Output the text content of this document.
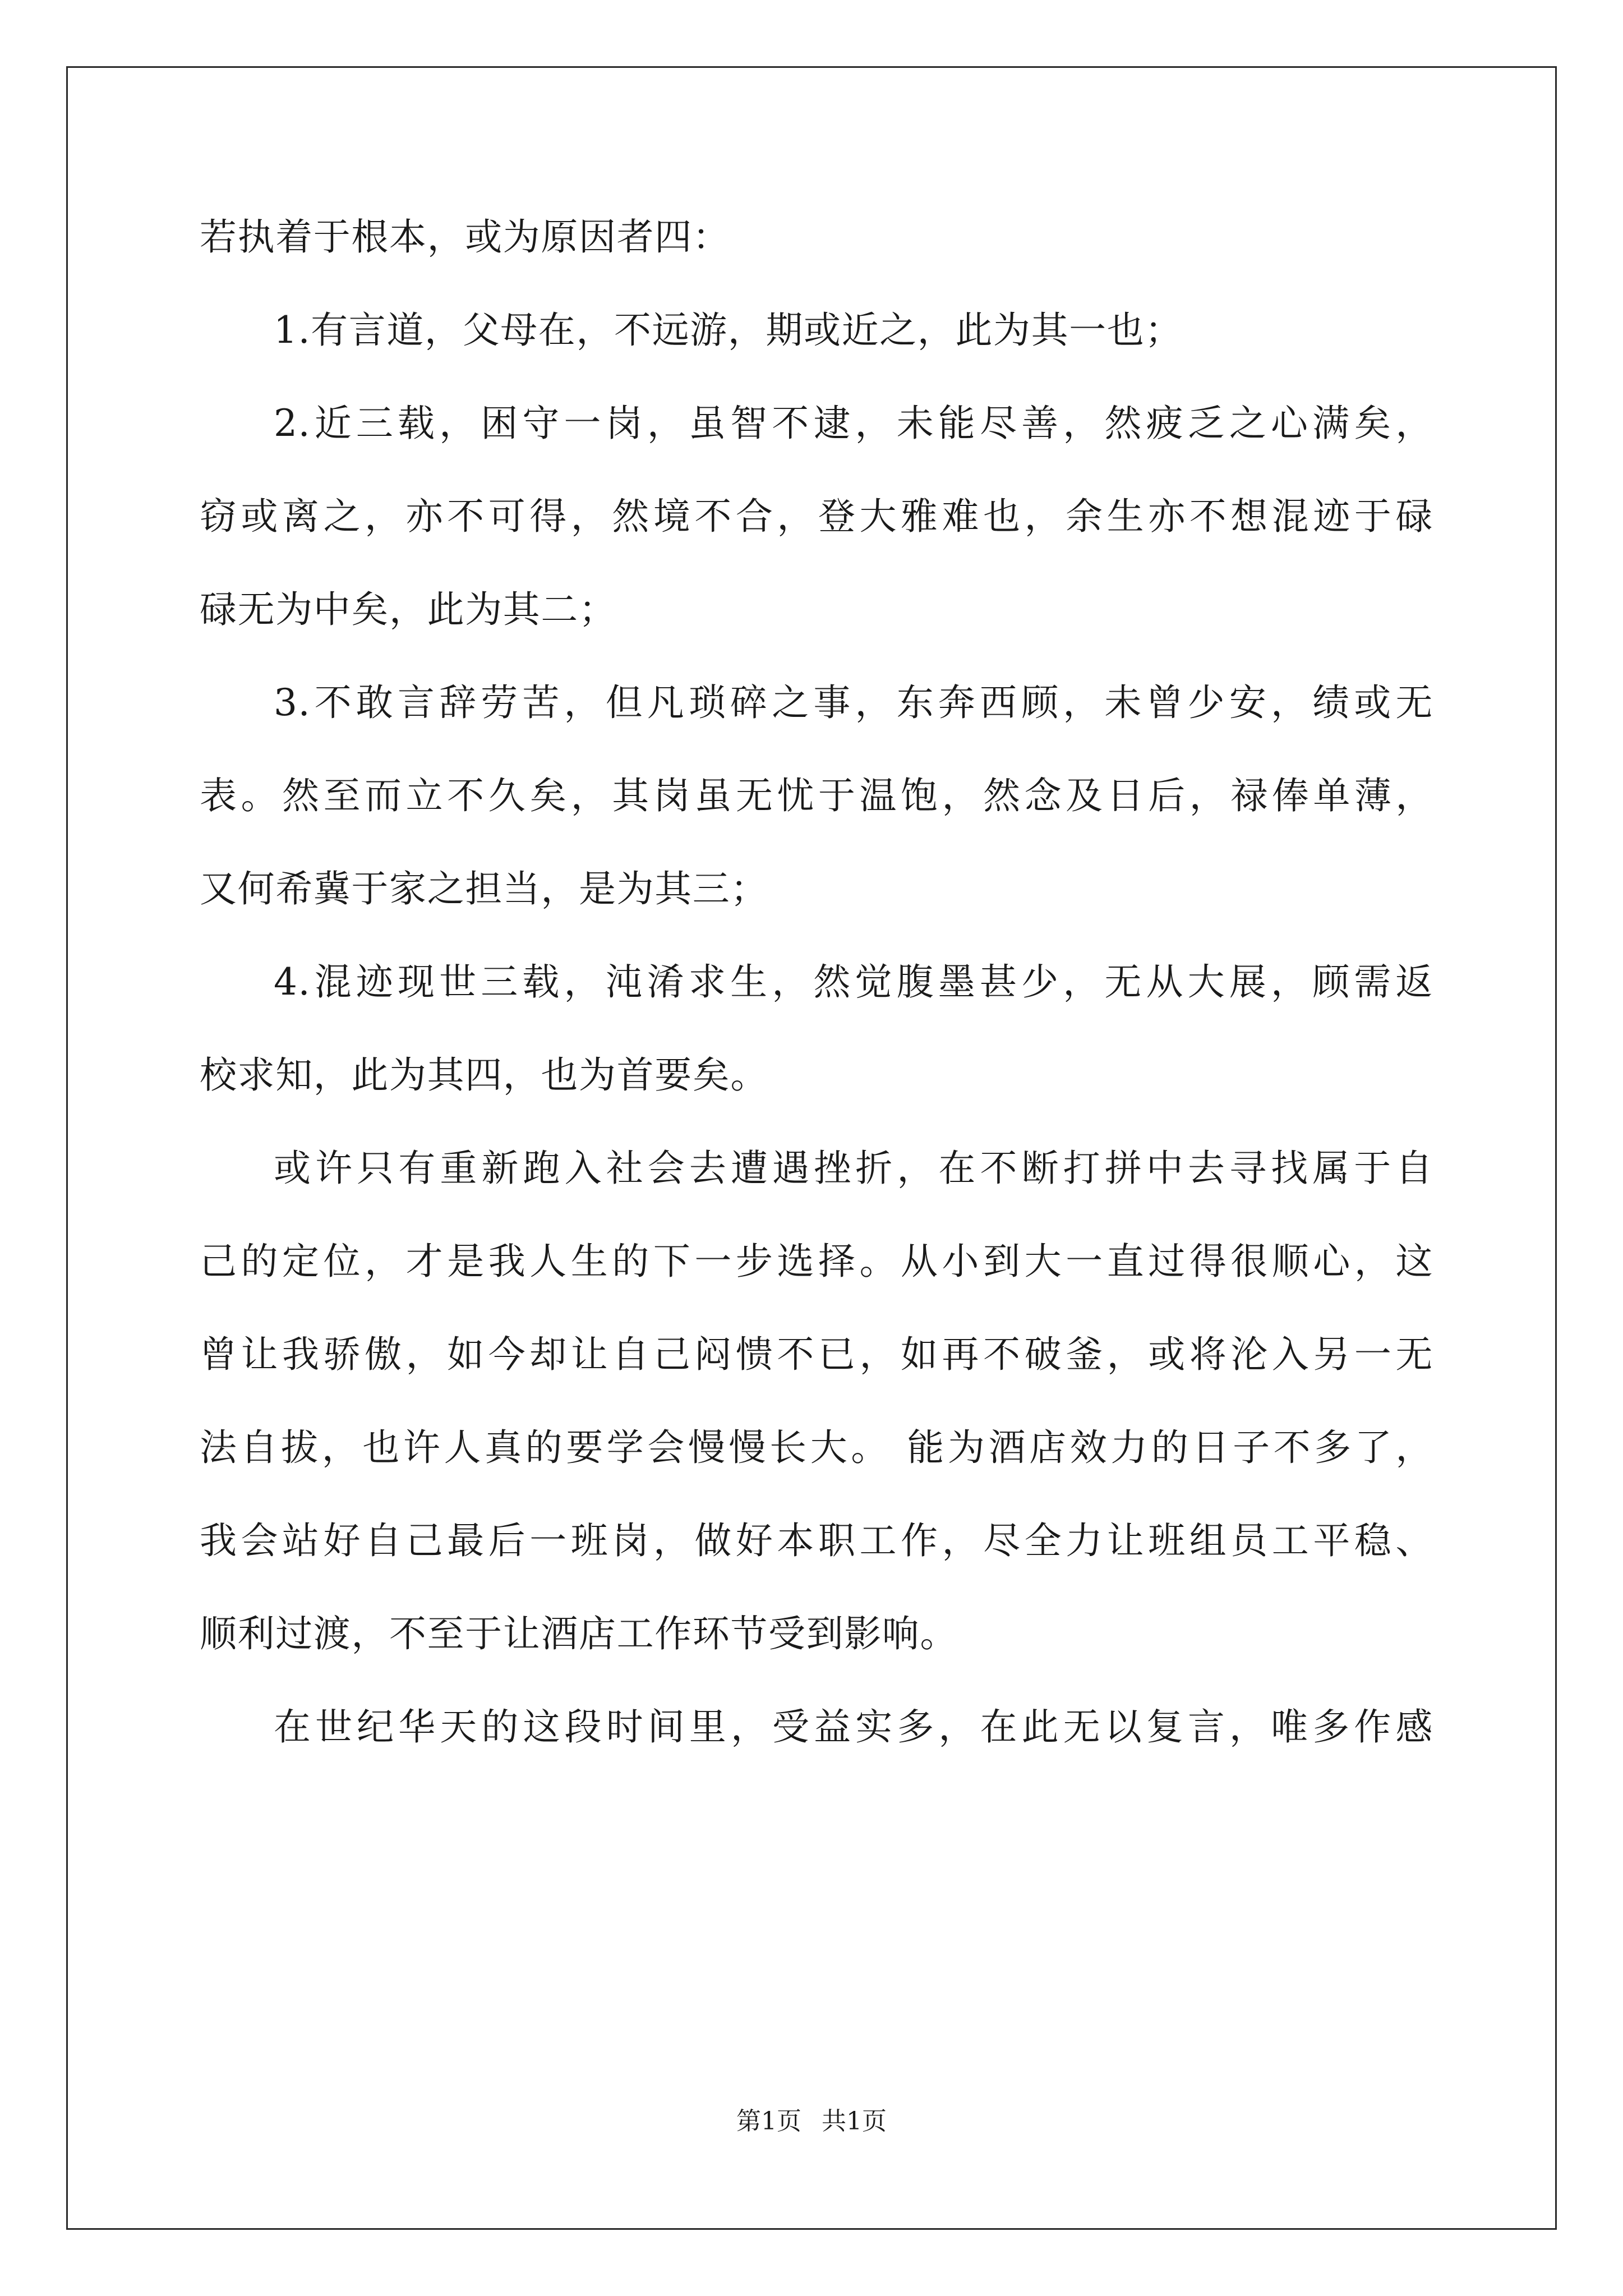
若执着于根本，或为原因者四：
1.有言道，父母在，不远游，期或近之，此为其一也；
2.近三载，困守一岗，虽智不逮，未能尽善，然疲乏之心满矣，
窃或离之，亦不可得，然境不合，登大雅难也，余生亦不想混迹于碌
碌无为中矣，此为其二；
3.不敢言辞劳苦，但凡琐碎之事，东奔西顾，未曾少安，绩或无
表。然至而立不久矣，其岗虽无忧于温饱，然念及日后，禄俸单薄，
又何希冀于家之担当，是为其三；
4.混迹现世三载，沌淆求生，然觉腹墨甚少，无从大展，顾需返
校求知，此为其四，也为首要矣。
或许只有重新跑入社会去遭遇挫折，在不断打拼中去寻找属于自
己的定位，才是我人生的下一步选择。从小到大一直过得很顺心，这
曾让我骄傲，如今却让自己闷愦不已，如再不破釜，或将沦入另一无
法自拔，也许人真的要学会慢慢长大。 能为酒店效力的日子不多了，
我会站好自己最后一班岗，做好本职工作，尽全力让班组员工平稳、
顺利过渡，不至于让酒店工作环节受到影响。
在世纪华天的这段时间里，受益实多，在此无以复言，唯多作感
第1页 共1页
